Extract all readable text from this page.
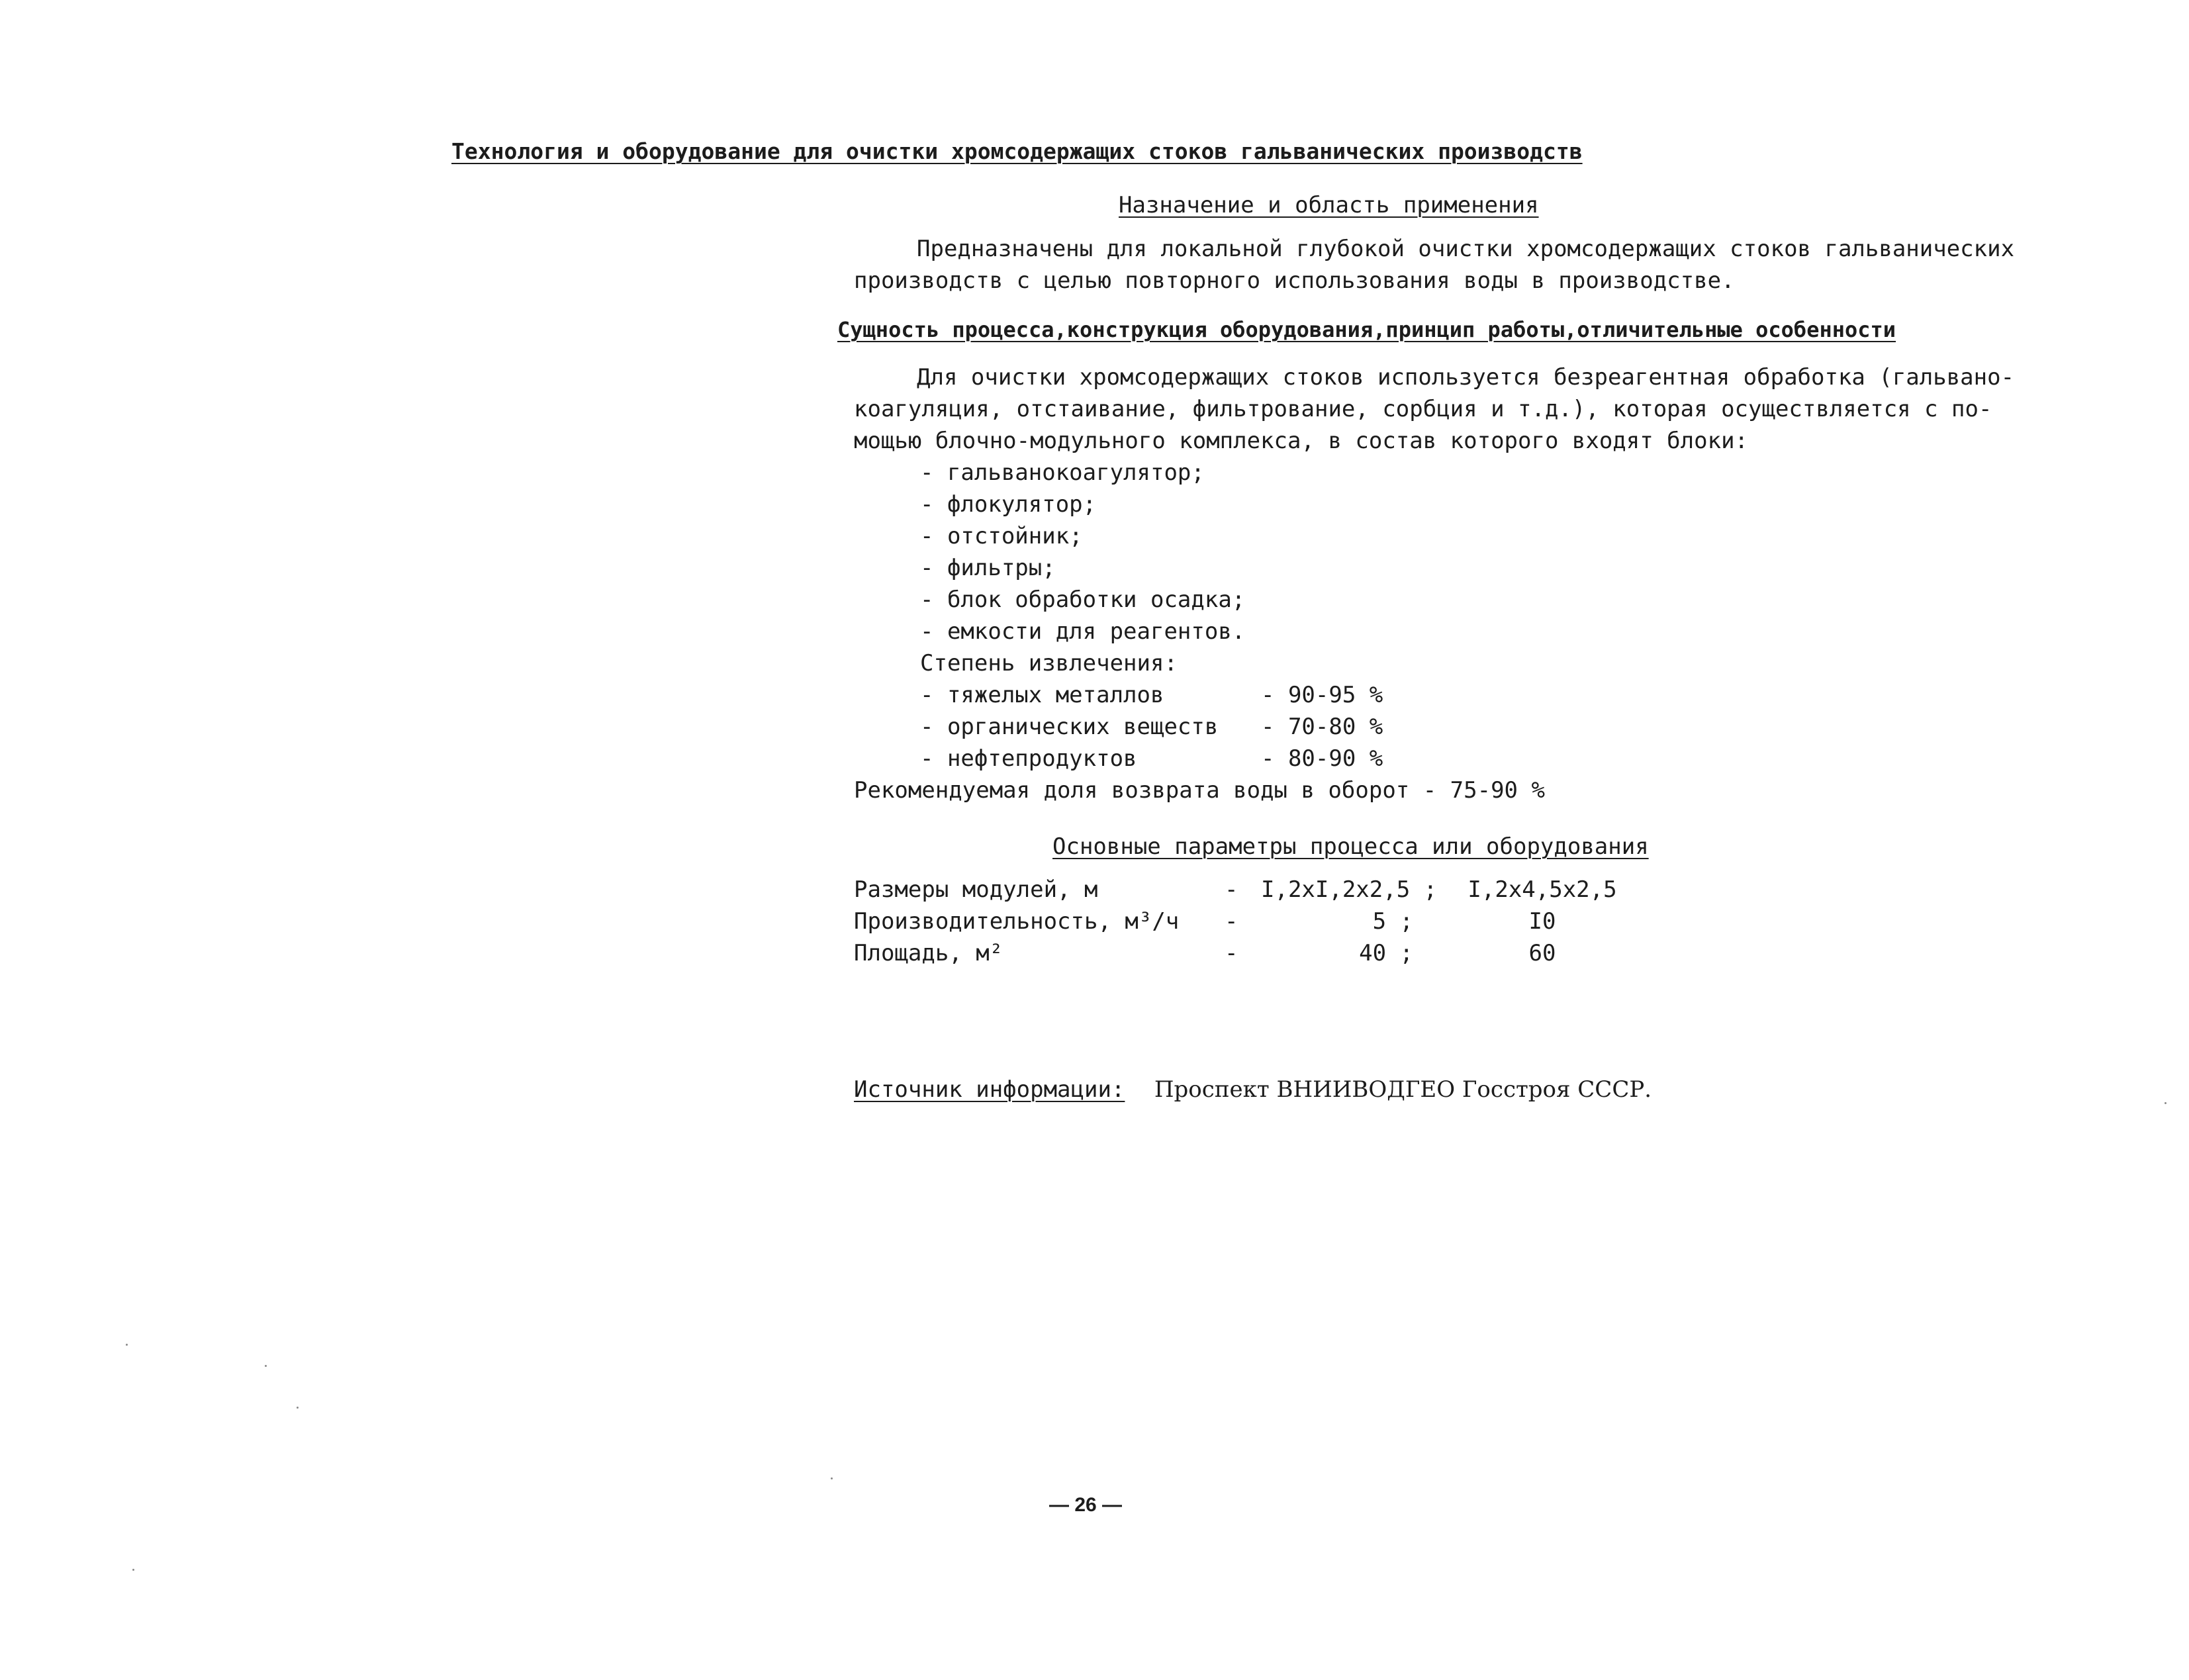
Технология и оборудование для очистки хромсодержащих стоков гальванических производств
Назначение и область применения
Предназначены для локальной глубокой очистки хромсодержащих стоков гальванических
производств с целью повторного использования воды в производстве.
Сущность процесса,конструкция оборудования,принцип работы,отличительные особенности
Для очистки хромсодержащих стоков используется безреагентная обработка (гальвано-
коагуляция, отстаивание, фильтрование, сорбция и т.д.), которая осуществляется с по-
мощью блочно-модульного комплекса, в состав которого входят блоки:
- гальванокоагулятор;
- флокулятор;
- отстойник;
- фильтры;
- блок обработки осадка;
- емкости для реагентов.
Степень извлечения:
- тяжелых металлов	- 90-95 %
- органических веществ - 70-80 %
- нефтепродуктов	- 80-90 %
Рекомендуемая доля возврата воды в оборот - 75-90 %
Основные параметры процесса или оборудования
Размеры модулей, м	- I,2xI,2x2,5 ;	I,2x4,5x2,5
Производительность, м³/ч -	5 ;	I0
Площадь, м²	-	40 ;	60
Источник информации: Проспект ВНИИВОДГЕО Госстроя СССР.
— 26 —
